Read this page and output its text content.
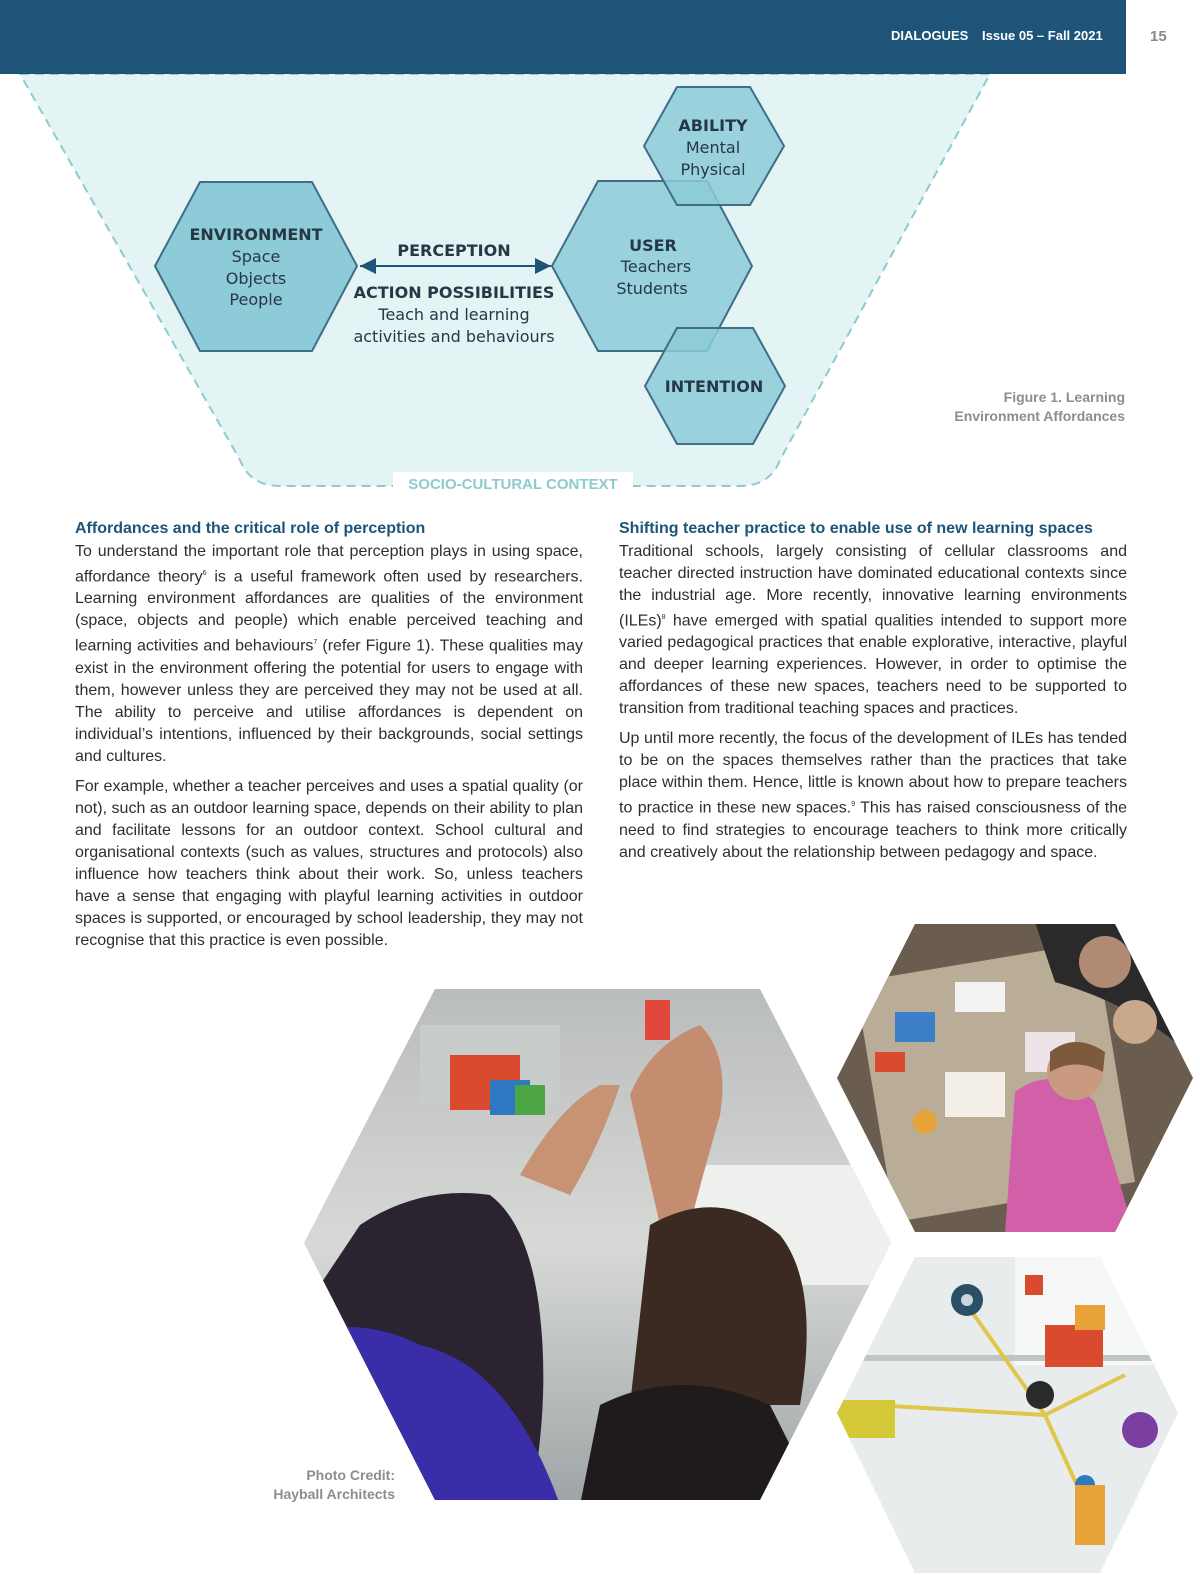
DIALOGUES Issue 05 – Fall 2021	15
SOCIO-CULTURAL CONTEXT
ENVIRONMENT
Space
Objects
People
PERCEPTION
ACTION POSSIBILITIES
Teach and learning
activities and behaviours
USER
Teachers
Students
ABILITY
Mental
Physical
INTENTION
Figure 1. Learning
Environment Affordances
Affordances and the critical role of perception

To understand the important role that perception plays in using space, affordance theory$^6$ is a useful framework often used by researchers. Learning environment affordances are qualities of the environment (space, objects and people) which enable perceived teaching and learning activities and behaviours$^7$ (refer Figure 1). These qualities may exist in the environment offering the potential for users to engage with them, however unless they are perceived they may not be used at all. The ability to perceive and utilise affordances is dependent on individual’s intentions, influenced by their backgrounds, social settings and cultures.

For example, whether a teacher perceives and uses a spatial quality (or not), such as an outdoor learning space, depends on their ability to plan and facilitate lessons for an outdoor context. School cultural and organisational contexts (such as values, structures and protocols) also influence how teachers think about their work. So, unless teachers have a sense that engaging with playful learning activities in outdoor spaces is supported, or encouraged by school leadership, they may not recognise that this practice is even possible.

Shifting teacher practice to enable use of new learning spaces

Traditional schools, largely consisting of cellular classrooms and teacher directed instruction have dominated educational contexts since the industrial age. More recently, innovative learning environments (ILEs)$^8$ have emerged with spatial qualities intended to support more varied pedagogical practices that enable explorative, interactive, playful and deeper learning experiences. However, in order to optimise the affordances of these new spaces, teachers need to be supported to transition from traditional teaching spaces and practices.

Up until more recently, the focus of the development of ILEs has tended to be on the spaces themselves rather than the practices that take place within them. Hence, little is known about how to prepare teachers to practice in these new spaces.$^9$ This has raised consciousness of the need to find strategies to encourage teachers to think more critically and creatively about the relationship between pedagogy and space.

Photo Credit:
Hayball Architects
